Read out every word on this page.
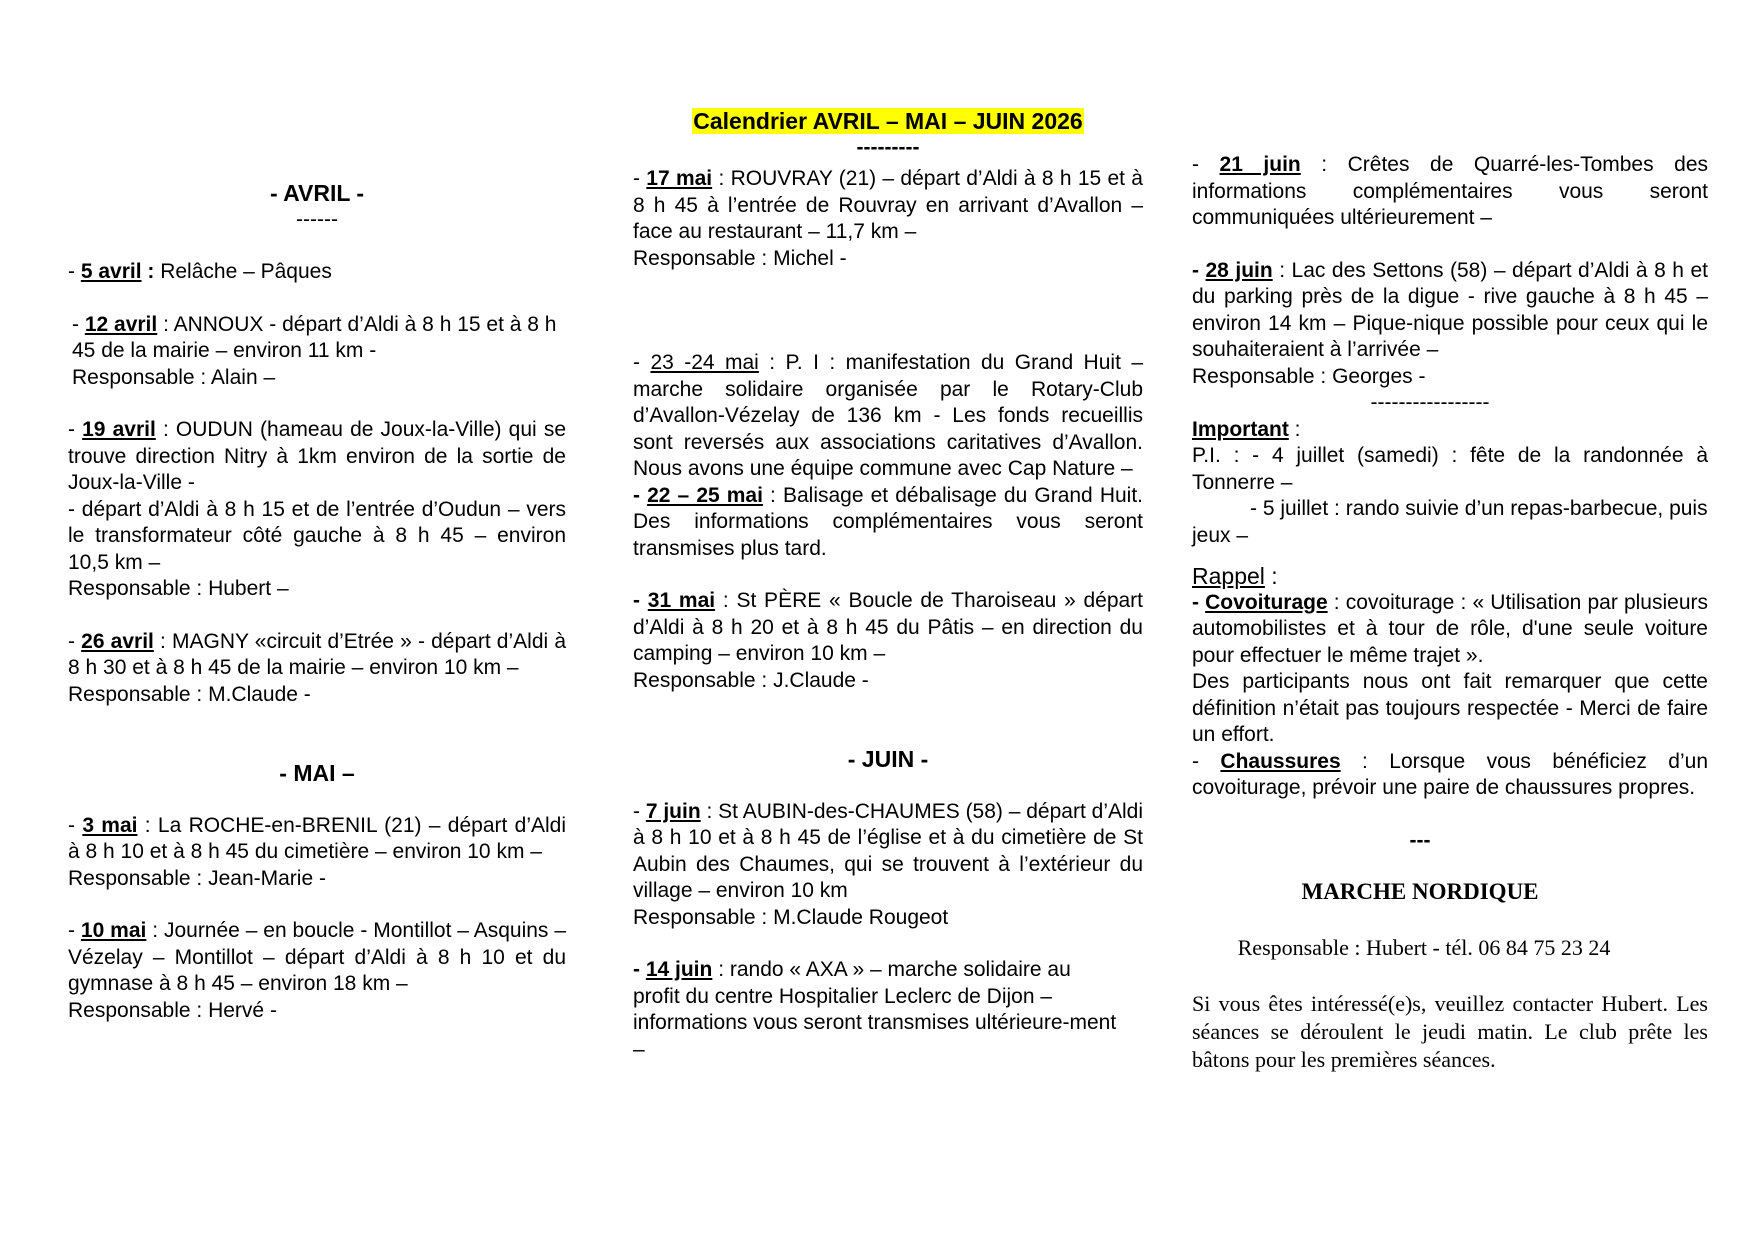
Calendrier AVRIL – MAI – JUIN 2026
---------
- AVRIL -
------

- 5 avril : Relâche – Pâques

- 12 avril : ANNOUX - départ d’Aldi à 8 h 15 et à 8 h 45 de la mairie – environ 11 km -

Responsable : Alain –

- 19 avril : OUDUN (hameau de Joux-la-Ville) qui se trouve direction Nitry à 1km environ de la sortie de Joux-la-Ville -

- départ d’Aldi à 8 h 15 et de l’entrée d’Oudun – vers le transformateur côté gauche à 8 h 45 – environ 10,5 km –

Responsable : Hubert –

- 26 avril : MAGNY «circuit d’Etrée » - départ d’Aldi à 8 h 30 et à 8 h 45 de la mairie – environ 10 km –

Responsable : M.Claude -

- MAI –

- 3 mai : La ROCHE-en-BRENIL (21) – départ d’Aldi à 8 h 10 et à 8 h 45 du cimetière – environ 10 km –

Responsable : Jean-Marie -

- 10 mai : Journée – en boucle - Montillot – Asquins – Vézelay – Montillot – départ d’Aldi à 8 h 10 et du gymnase à 8 h 45 – environ 18 km –

Responsable : Hervé -

- 17 mai : ROUVRAY (21) – départ d’Aldi à 8 h 15 et à 8 h 45 à l’entrée de Rouvray en arrivant d’Avallon – face au restaurant – 11,7 km –

Responsable : Michel -

- 23 -24 mai : P. I : manifestation du Grand Huit – marche solidaire organisée par le Rotary-Club d’Avallon-Vézelay de 136 km - Les fonds recueillis sont reversés aux associations caritatives d’Avallon. Nous avons une équipe commune avec Cap Nature –

- 22 – 25 mai : Balisage et débalisage du Grand Huit. Des informations complémentaires vous seront transmises plus tard.

- 31 mai : St PÈRE « Boucle de Tharoiseau » départ d’Aldi à 8 h 20 et à 8 h 45 du Pâtis – en direction du camping – environ 10 km –

Responsable : J.Claude -

- JUIN -

- 7 juin : St AUBIN-des-CHAUMES (58) – départ d’Aldi à 8 h 10 et à 8 h 45 de l’église et à du cimetière de St Aubin des Chaumes, qui se trouvent à l’extérieur du village – environ 10 km

Responsable : M.Claude Rougeot

- 14 juin : rando « AXA » – marche solidaire au profit du centre Hospitalier Leclerc de Dijon – informations vous seront transmises ultérieure-ment –

- 21 juin : Crêtes de Quarré-les-Tombes des informations complémentaires vous seront communiquées ultérieurement –

- 28 juin : Lac des Settons (58) – départ d’Aldi à 8 h et du parking près de la digue - rive gauche à 8 h 45 – environ 14 km – Pique-nique possible pour ceux qui le souhaiteraient à l’arrivée –

Responsable : Georges -

-----------------

Important :

P.I. : - 4 juillet (samedi) : fête de la randonnée à Tonnerre –

- 5 juillet : rando suivie d’un repas-barbecue, puis jeux –

Rappel :

- Covoiturage : covoiturage : « Utilisation par plusieurs automobilistes et à tour de rôle, d'une seule voiture pour effectuer le même trajet ».

Des participants nous ont fait remarquer que cette définition n’était pas toujours respectée - Merci de faire un effort.

- Chaussures : Lorsque vous bénéficiez d’un covoiturage, prévoir une paire de chaussures propres.

---
MARCHE NORDIQUE
Responsable : Hubert - tél. 06 84 75 23 24

Si vous êtes intéressé(e)s, veuillez contacter Hubert. Les séances se déroulent le jeudi matin. Le club prête les bâtons pour les premières séances.
